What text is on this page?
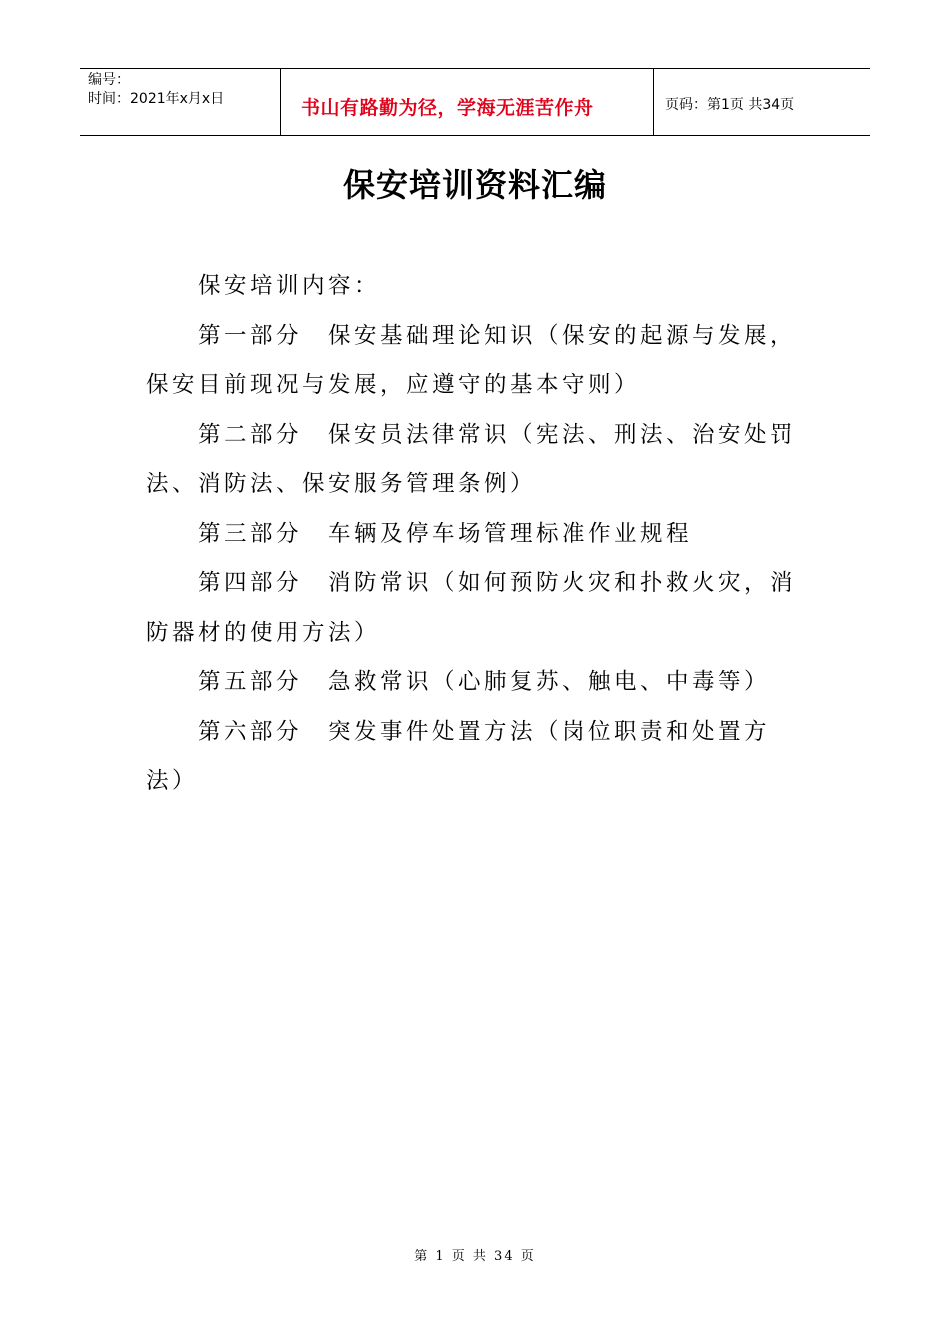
编号：
时间：2021年x月x日	书山有路勤为径，学海无涯苦作舟	页码：第1页 共34页
保安培训资料汇编

保安培训内容：

第一部分　保安基础理论知识（保安的起源与发展，保安目前现况与发展，应遵守的基本守则）

第二部分　保安员法律常识（宪法、刑法、治安处罚法、消防法、保安服务管理条例）

第三部分　车辆及停车场管理标准作业规程

第四部分　消防常识（如何预防火灾和扑救火灾，消防器材的使用方法）

第五部分　急救常识（心肺复苏、触电、中毒等）

第六部分　突发事件处置方法（岗位职责和处置方法）

第 1 页 共 34 页
